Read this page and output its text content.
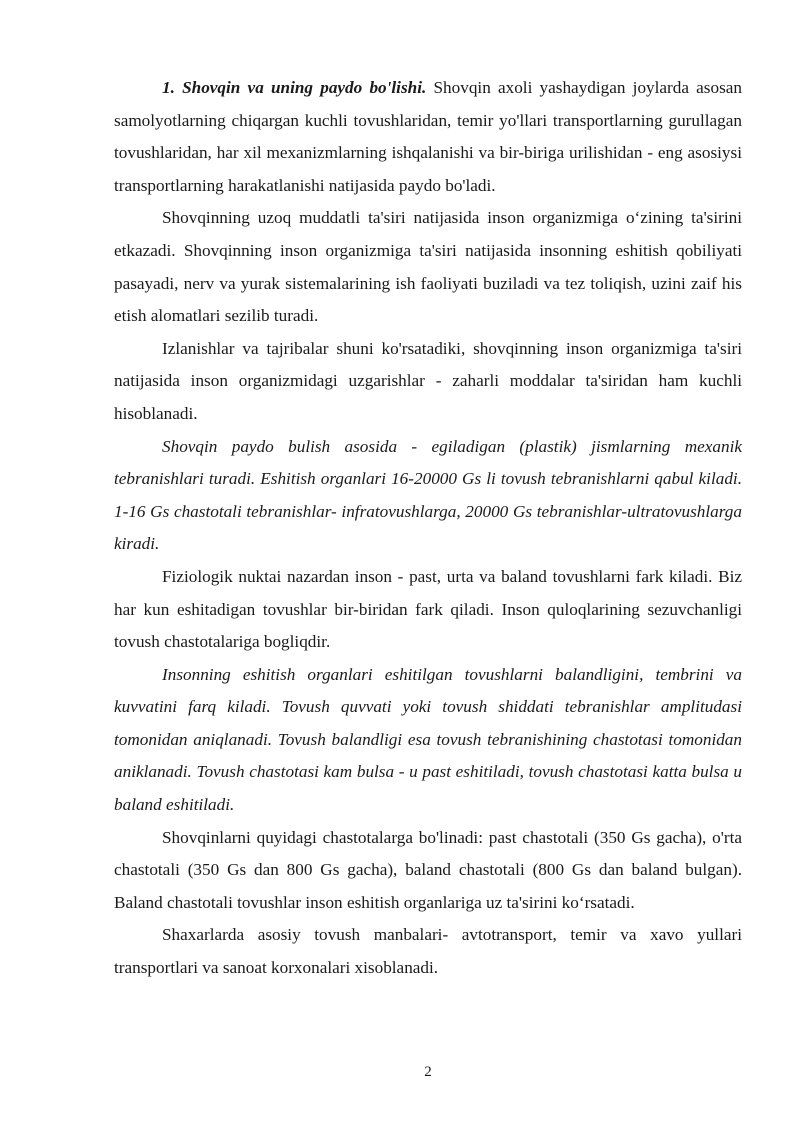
1. Shovqin va uning paydo bo'lishi. Shovqin axoli yashaydigan joylarda asosan samolyotlarning chiqargan kuchli tovushlaridan, temir yo'llari transportlarning gurullagan tovushlaridan, har xil mexanizmlarning ishqalanishi va bir-biriga urilishidan - eng asosiysi transportlarning harakatlanishi natijasida paydo bo'ladi.

Shovqinning uzoq muddatli ta'siri natijasida inson organizmiga o‘zining ta'sirini etkazadi. Shovqinning inson organizmiga ta'siri natijasida insonning eshitish qobiliyati pasayadi, nerv va yurak sistemalarining ish faoliyati buziladi va tez toliqish, uzini zaif his etish alomatlari sezilib turadi.

Izlanishlar va tajribalar shuni ko'rsatadiki, shovqinning inson organizmiga ta'siri natijasida inson organizmidagi uzgarishlar - zaharli moddalar ta'siridan ham kuchli hisoblanadi.

Shovqin paydo bulish asosida - egiladigan (plastik) jismlarning mexanik tebranishlari turadi. Eshitish organlari 16-20000 Gs li tovush tebranishlarni qabul kiladi. 1-16 Gs chastotali tebranishlar- infratovushlarga, 20000 Gs tebranishlar-ultratovushlarga kiradi.

Fiziologik nuktai nazardan inson - past, urta va baland tovushlarni fark kiladi. Biz har kun eshitadigan tovushlar bir-biridan fark qiladi. Inson quloqlarining sezuvchanligi tovush chastotalariga bogliqdir.

Insonning eshitish organlari eshitilgan tovushlarni balandligini, tembrini va kuvvatini farq kiladi. Tovush quvvati yoki tovush shiddati tebranishlar amplitudasi tomonidan aniqlanadi. Tovush balandligi esa tovush tebranishining chastotasi tomonidan aniklanadi. Tovush chastotasi kam bulsa - u past eshitiladi, tovush chastotasi katta bulsa u baland eshitiladi.

Shovqinlarni quyidagi chastotalarga bo'linadi: past chastotali (350 Gs gacha), o'rta chastotali (350 Gs dan 800 Gs gacha), baland chastotali (800 Gs dan baland bulgan). Baland chastotali tovushlar inson eshitish organlariga uz ta'sirini ko‘rsatadi.

Shaxarlarda asosiy tovush manbalari- avtotransport, temir va xavo yullari transportlari va sanoat korxonalari xisoblanadi.

2
